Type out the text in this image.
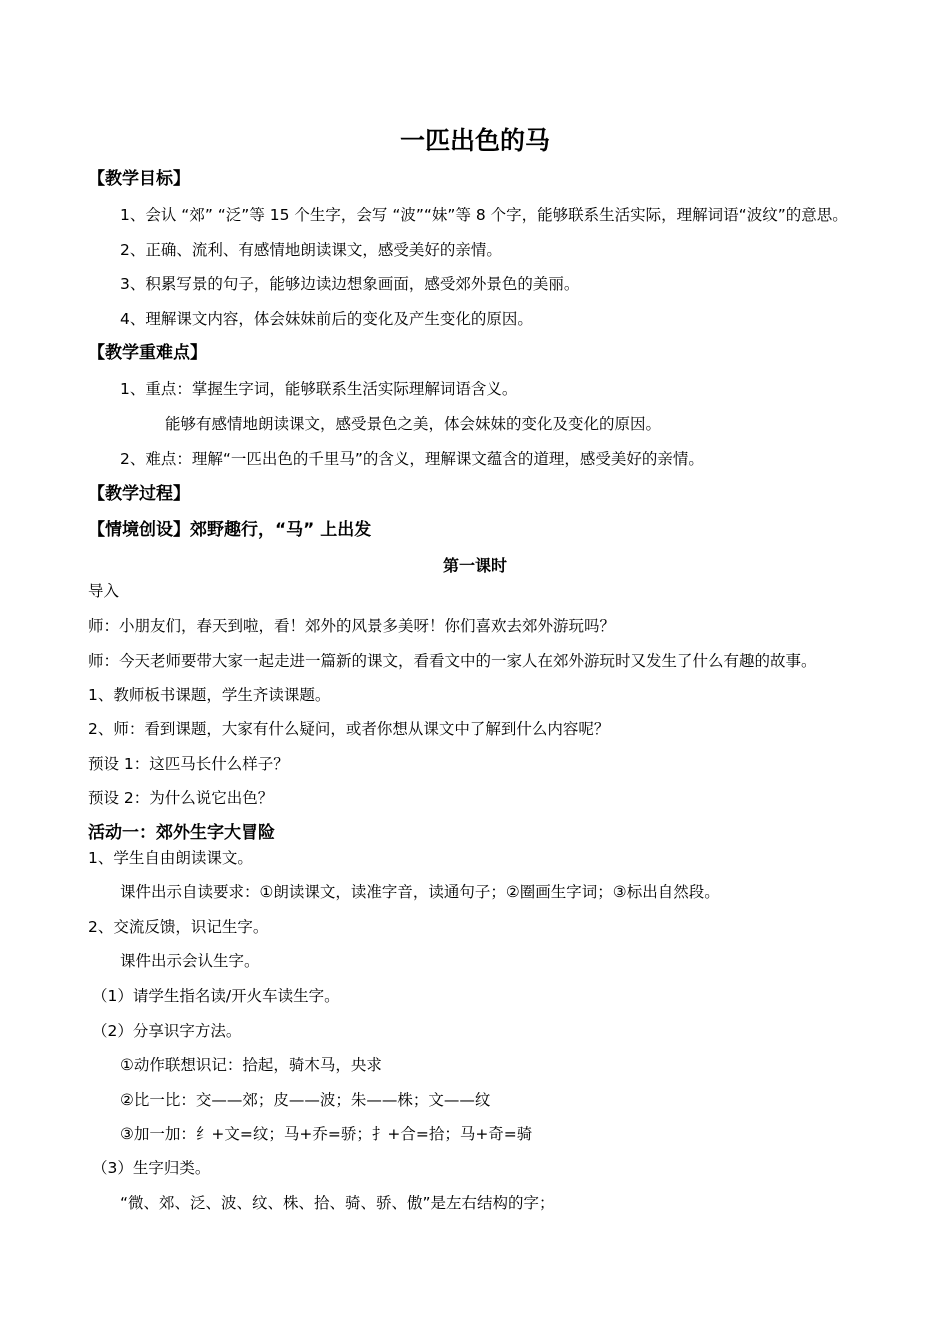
一匹出色的马
【教学目标】
1、会认 “郊” “泛”等 15 个生字，会写 “波”“妹”等 8 个字，能够联系生活实际，理解词语“波纹”的意思。
2、正确、流利、有感情地朗读课文，感受美好的亲情。
3、积累写景的句子，能够边读边想象画面，感受郊外景色的美丽。
4、理解课文内容，体会妹妹前后的变化及产生变化的原因。
【教学重难点】
1、重点：掌握生字词，能够联系生活实际理解词语含义。
能够有感情地朗读课文，感受景色之美，体会妹妹的变化及变化的原因。
2、难点：理解“一匹出色的千里马”的含义，理解课文蕴含的道理，感受美好的亲情。
【教学过程】
【情境创设】郊野趣行，“马” 上出发
第一课时
导入
师：小朋友们，春天到啦，看！郊外的风景多美呀！你们喜欢去郊外游玩吗？
师：今天老师要带大家一起走进一篇新的课文，看看文中的一家人在郊外游玩时又发生了什么有趣的故事。
1、教师板书课题，学生齐读课题。
2、师：看到课题，大家有什么疑问，或者你想从课文中了解到什么内容呢？
预设 1：这匹马长什么样子？
预设 2：为什么说它出色？
活动一：郊外生字大冒险
1、学生自由朗读课文。
课件出示自读要求：①朗读课文，读准字音，读通句子；②圈画生字词；③标出自然段。
2、交流反馈，识记生字。
课件出示会认生字。
（1）请学生指名读/开火车读生字。
（2）分享识字方法。
①动作联想识记：拾起，骑木马，央求
②比一比：交——郊；皮——波；朱——株；文——纹
③加一加：纟+文=纹；马+乔=骄；扌+合=拾；马+奇=骑
（3）生字归类。
“微、郊、泛、波、纹、株、拾、骑、骄、傲”是左右结构的字；
